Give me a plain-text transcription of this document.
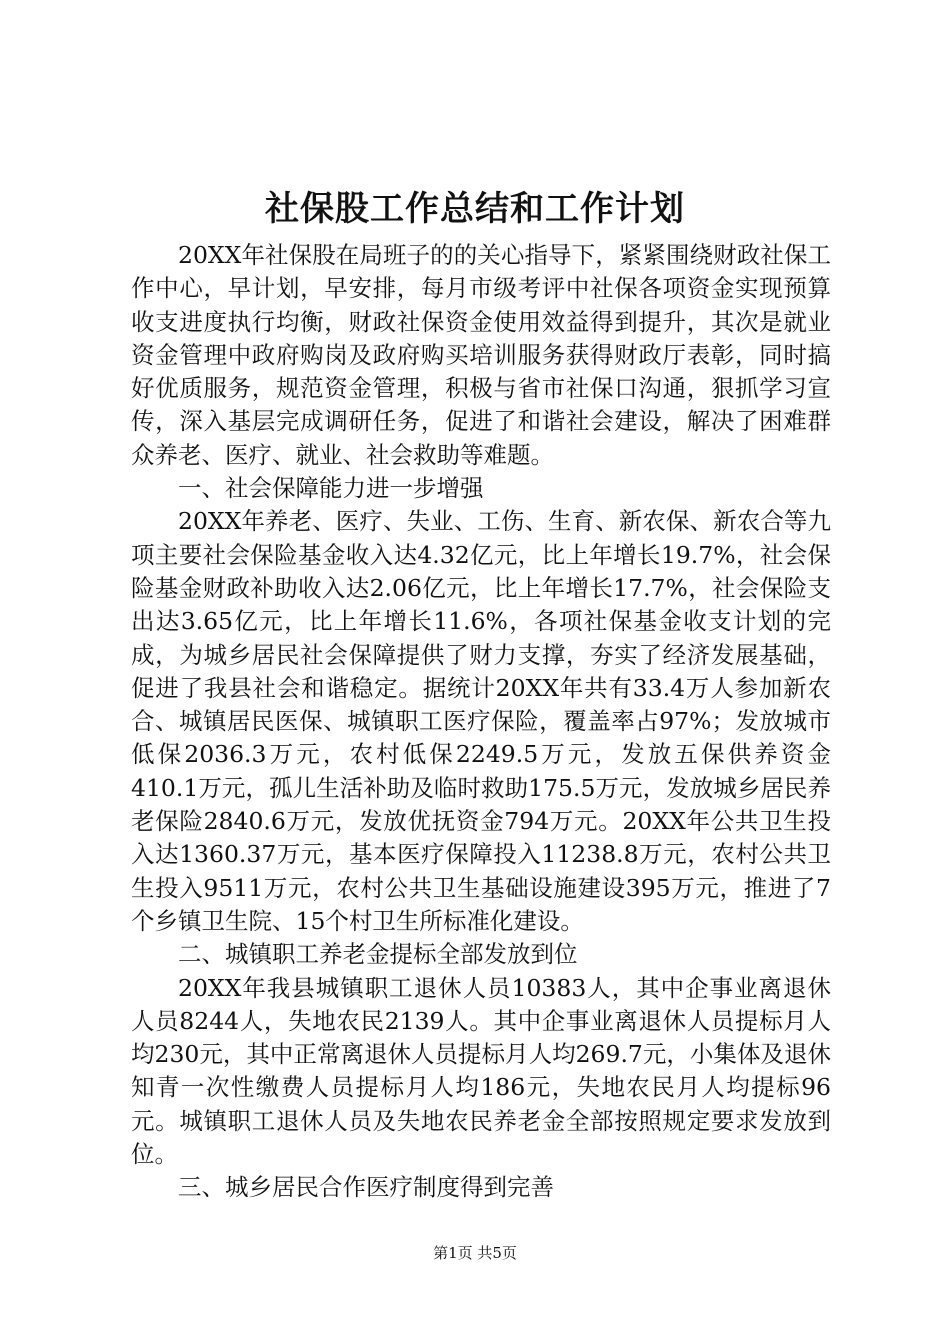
社保股工作总结和工作计划

20XX年社保股在局班子的的关心指导下，紧紧围绕财政社保工作中心，早计划，早安排，每月市级考评中社保各项资金实现预算收支进度执行均衡，财政社保资金使用效益得到提升，其次是就业资金管理中政府购岗及政府购买培训服务获得财政厅表彰，同时搞好优质服务，规范资金管理，积极与省市社保口沟通，狠抓学习宣传，深入基层完成调研任务，促进了和谐社会建设，解决了困难群众养老、医疗、就业、社会救助等难题。

一、社会保障能力进一步增强

20XX年养老、医疗、失业、工伤、生育、新农保、新农合等九项主要社会保险基金收入达4.32亿元，比上年增长19.7%，社会保险基金财政补助收入达2.06亿元，比上年增长17.7%，社会保险支出达3.65亿元，比上年增长11.6%，各项社保基金收支计划的完成，为城乡居民社会保障提供了财力支撑，夯实了经济发展基础，促进了我县社会和谐稳定。据统计20XX年共有33.4万人参加新农合、城镇居民医保、城镇职工医疗保险，覆盖率占97%；发放城市低保2036.3万元，农村低保2249.5万元，发放五保供养资金410.1万元，孤儿生活补助及临时救助175.5万元，发放城乡居民养老保险2840.6万元，发放优抚资金794万元。20XX年公共卫生投入达1360.37万元，基本医疗保障投入11238.8万元，农村公共卫生投入9511万元，农村公共卫生基础设施建设395万元，推进了7个乡镇卫生院、15个村卫生所标准化建设。

二、城镇职工养老金提标全部发放到位

20XX年我县城镇职工退休人员10383人，其中企事业离退休人员8244人，失地农民2139人。其中企事业离退休人员提标月人均230元，其中正常离退休人员提标月人均269.7元，小集体及退休知青一次性缴费人员提标月人均186元，失地农民月人均提标96元。城镇职工退休人员及失地农民养老金全部按照规定要求发放到位。

三、城乡居民合作医疗制度得到完善

第1页 共5页
